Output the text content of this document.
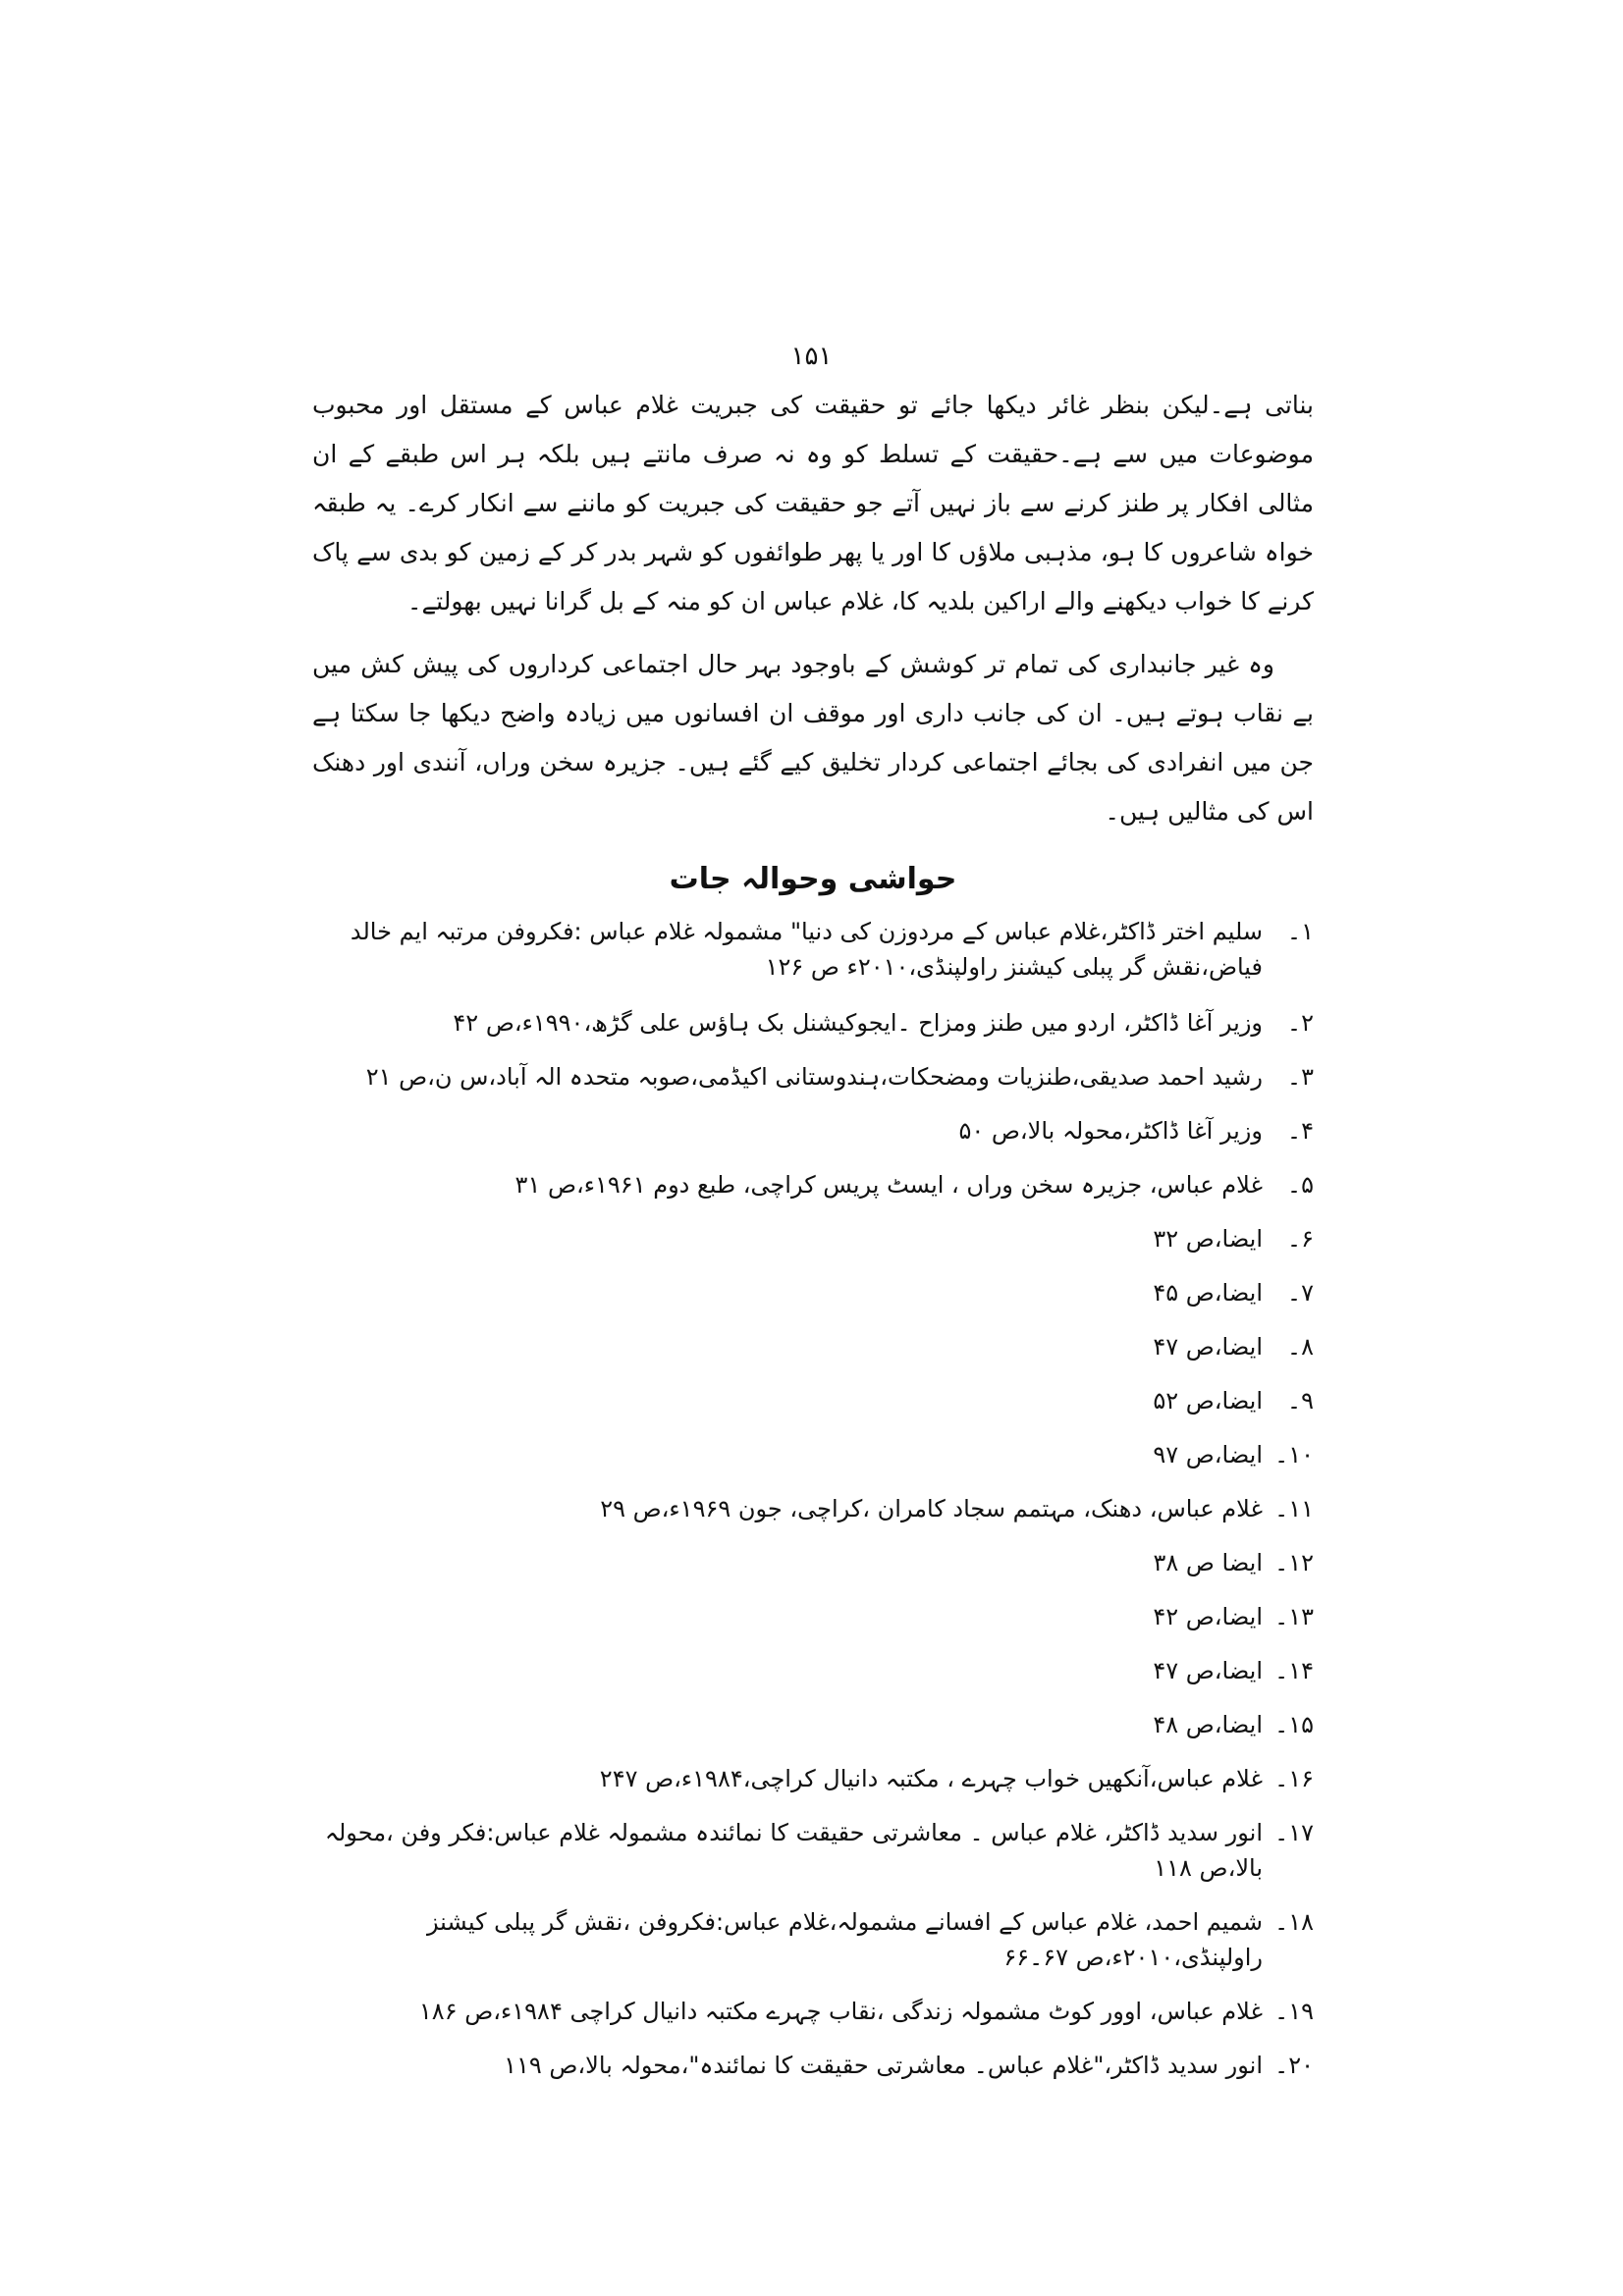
۱۵۱

بناتی ہے۔لیکن بنظر غائر دیکھا جائے تو حقیقت کی جبریت غلام عباس کے مستقل اور محبوب موضوعات میں سے ہے۔حقیقت کے تسلط کو وہ نہ صرف مانتے ہیں بلکہ ہر اس طبقے کے ان مثالی افکار پر طنز کرنے سے باز نہیں آتے جو حقیقت کی جبریت کو ماننے سے انکار کرے۔ یہ طبقہ خواہ شاعروں کا ہو، مذہبی ملاؤں کا اور یا پھر طوائفوں کو شہر بدر کر کے زمین کو بدی سے پاک کرنے کا خواب دیکھنے والے اراکین بلدیہ کا، غلام عباس ان کو منہ کے بل گرانا نہیں بھولتے۔

وہ غیر جانبداری کی تمام تر کوشش کے باوجود بہر حال اجتماعی کرداروں کی پیش کش میں بے نقاب ہوتے ہیں۔ ان کی جانب داری اور موقف ان افسانوں میں زیادہ واضح دیکھا جا سکتا ہے جن میں انفرادی کی بجائے اجتماعی کردار تخلیق کیے گئے ہیں۔ جزیرہ سخن وراں، آنندی اور دھنک اس کی مثالیں ہیں۔

حواشی وحوالہ جات
۱۔
سلیم اختر ڈاکٹر،غلام عباس کے مردوزن کی دنیا" مشمولہ غلام عباس :فکروفن مرتبہ ایم خالد فیاض،نقش گر پبلی کیشنز راولپنڈی،۲۰۱۰ء ص ۱۲۶
۲۔
وزیر آغا ڈاکٹر، اردو میں طنز ومزاح ۔ایجوکیشنل بک ہاؤس علی گڑھ،۱۹۹۰ء،ص ۴۲
۳۔
رشید احمد صدیقی،طنزیات ومضحکات،ہندوستانی اکیڈمی،صوبہ متحدہ الہ آباد،س ن،ص ۲۱
۴۔
وزیر آغا ڈاکٹر،محولہ بالا،ص ۵۰
۵۔
غلام عباس، جزیرہ سخن وراں ، ایسٹ پریس کراچی، طبع دوم ۱۹۶۱ء،ص ۳۱
۶۔
ایضا،ص ۳۲
۷۔
ایضا،ص ۴۵
۸۔
ایضا،ص ۴۷
۹۔
ایضا،ص ۵۲
۱۰۔
ایضا،ص ۹۷
۱۱۔
غلام عباس، دھنک، مہتمم سجاد کامران ،کراچی، جون ۱۹۶۹ء،ص ۲۹
۱۲۔
ایضا ص ۳۸
۱۳۔
ایضا،ص ۴۲
۱۴۔
ایضا،ص ۴۷
۱۵۔
ایضا،ص ۴۸
۱۶۔
غلام عباس،آنکھیں خواب چہرے ، مکتبہ دانیال کراچی،۱۹۸۴ء،ص ۲۴۷
۱۷۔
انور سدید ڈاکٹر، غلام عباس ۔ معاشرتی حقیقت کا نمائندہ مشمولہ غلام عباس:فکر وفن ،محولہ بالا،ص ۱۱۸
۱۸۔
شمیم احمد، غلام عباس کے افسانے مشمولہ،غلام عباس:فکروفن ،نقش گر پبلی کیشنز راولپنڈی،۲۰۱۰ء،ص ۶۷۔۶۶
۱۹۔
غلام عباس، اوور کوٹ مشمولہ زندگی ،نقاب چہرے مکتبہ دانیال کراچی ۱۹۸۴ء،ص ۱۸۶
۲۰۔
انور سدید ڈاکٹر،"غلام عباس۔ معاشرتی حقیقت کا نمائندہ"،محولہ بالا،ص ۱۱۹
